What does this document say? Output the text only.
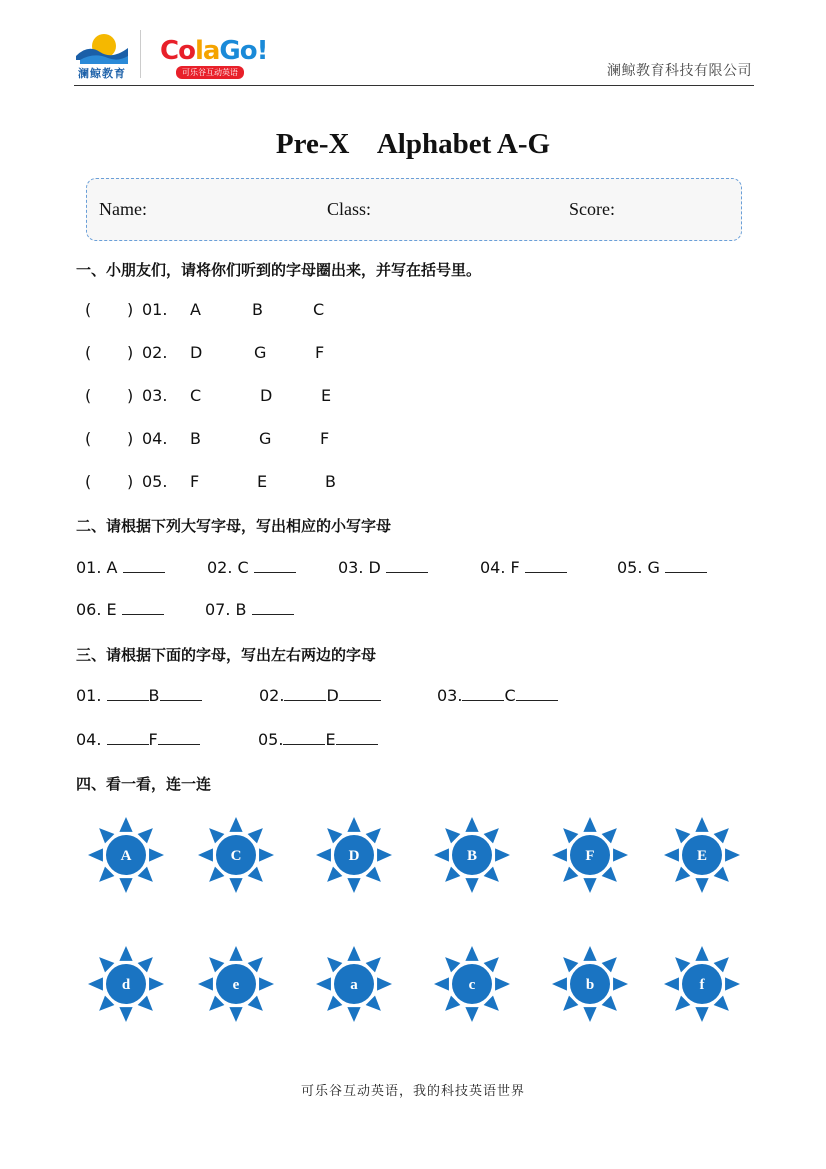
澜鲸教育
ColaGo!
可乐谷互动英语	澜鲸教育科技有限公司
Pre-X    Alphabet A-G
Name:	Class:	Score:
一、小朋友们，请将你们听到的字母圈出来，并写在括号里。
( ) 01. A	B	C
( ) 02. D	G	F
( ) 03. C	D	E
( ) 04. B	G	F
( ) 05. F	E	B
二、请根据下列大写字母，写出相应的小写字母
01. A	02. C	03. D	04. F	05. G
06. E	07. B
三、请根据下面的字母，写出左右两边的字母
01.	B	02.	D	03.	C
04.	F	05.	E
四、看一看，连一连
A	C	D	B	F	E
d	e	a	c	b	f
可乐谷互动英语，我的科技英语世界
